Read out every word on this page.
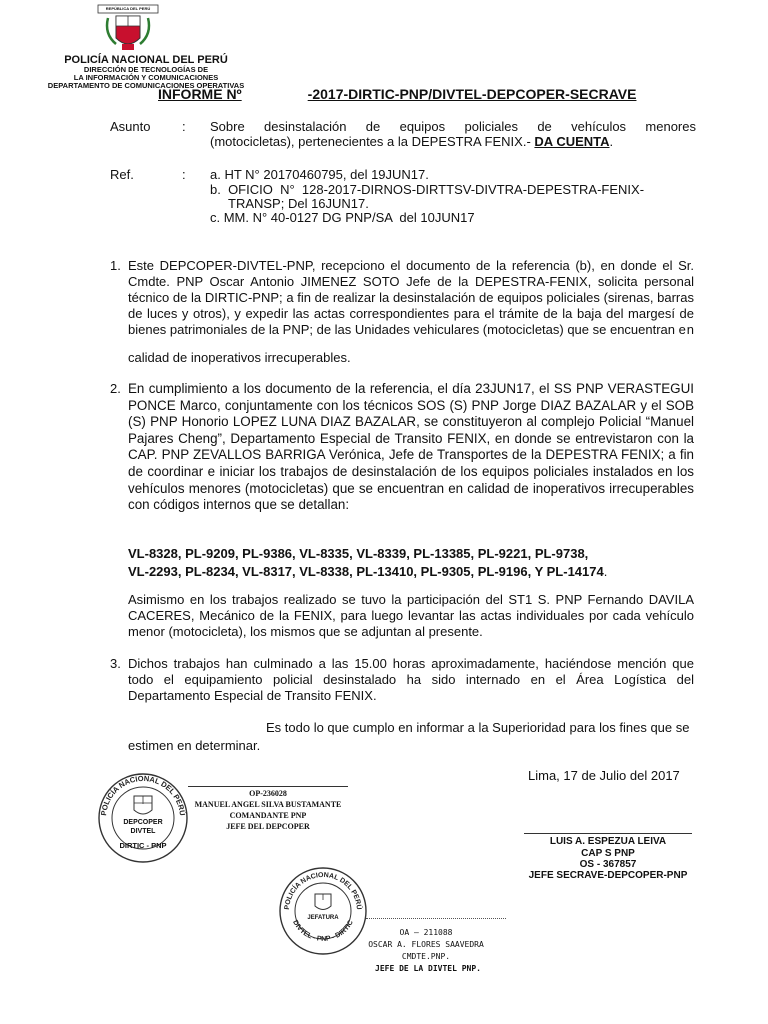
REPÚBLICA DEL PERÚ
POLICÍA NACIONAL DEL PERÚ
DIRECCIÓN DE TECNOLOGÍAS DE
LA INFORMACIÓN Y COMUNICACIONES
DEPARTAMENTO DE COMUNICACIONES OPERATIVAS
INFORME Nº	-2017-DIRTIC-PNP/DIVTEL-DEPCOPER-SECRAVE
Asunto : Sobre desinstalación de equipos policiales de vehículos menores
(motocicletas), pertenecientes a la DEPESTRA FENIX.- DA CUENTA.
Ref.	: a. HT N° 20170460795, del 19JUN17.
b.  OFICIO  N°  128-2017-DIRNOS-DIRTTSV-DIVTRA-DEPESTRA-FENIX-
TRANSP; Del 16JUN17.
c. MM. N° 40-0127 DG PNP/SA  del 10JUN17
1. Este DEPCOPER-DIVTEL-PNP, recepciono el documento de la referencia (b), en donde el Sr. Cmdte. PNP Oscar Antonio JIMENEZ SOTO Jefe de la DEPESTRA-FENIX, solicita personal técnico de la DIRTIC-PNP; a fin de realizar la desinstalación de equipos policiales (sirenas, barras de luces y otros), y expedir las actas correspondientes para el trámite de la baja del margesí de bienes patrimoniales de la PNP; de las Unidades vehiculares (motocicletas) que se encuentran e n
calidad de inoperativos irrecuperables.
2. En cumplimiento a los documento de la referencia, el día 23JUN17, el SS PNP VERASTEGUI PONCE Marco, conjuntamente con los técnicos SOS (S) PNP Jorge DIAZ BAZALAR y el SOB (S) PNP Honorio LOPEZ LUNA DIAZ BAZALAR, se constituyeron al complejo Policial “Manuel Pajares Cheng”, Departamento Especial de Transito FENIX, en donde se entrevistaron con la CAP. PNP ZEVALLOS BARRIGA Verónica, Jefe de Transportes de la DEPESTRA FENIX; a fin de coordinar e iniciar los trabajos de desinstalación de los equipos policiales instalados en los vehículos menores (motocicletas) que se encuentran en calidad de inoperativos irrecuperables con códigos internos que se detallan:
VL-8328, PL-9209, PL-9386, VL-8335, VL-8339, PL-13385, PL-9221, PL-9738,
VL-2293, PL-8234, VL-8317, VL-8338, PL-13410, PL-9305, PL-9196, Y PL-14174.
Asimismo en los trabajos realizado se tuvo la participación del ST1 S. PNP Fernando DAVILA CACERES, Mecánico de la FENIX, para luego levantar las actas individuales por cada vehículo menor (motocicleta), los mismos que se adjuntan al presente.
3. Dichos trabajos han culminado a las 15.00 horas aproximadamente, haciéndose mención que todo el equipamiento policial desinstalado ha sido internado en el Área Logística del Departamento Especial de Transito FENIX.
Es todo lo que cumplo en informar a la Superioridad para los fines que se
estimen en determinar.
Lima, 17 de Julio del 2017
POLICÍA NACIONAL DEL PERÚ
DEPCOPER
DIVTEL
DIRTIC - PNP
OP-236028
MANUEL ANGEL SILVA BUSTAMANTE
COMANDANTE PNP
JEFE DEL DEPCOPER
LUIS A. ESPEZUA LEIVA
CAP S PNP
OS - 367857
JEFE SECRAVE-DEPCOPER-PNP
POLICÍA NACIONAL DEL PERÚ
DIVTEL - PNP - DIRTIC
JEFATURA
OA – 211088
OSCAR A. FLORES SAAVEDRA
CMDTE.PNP.
JEFE DE LA DIVTEL PNP.
